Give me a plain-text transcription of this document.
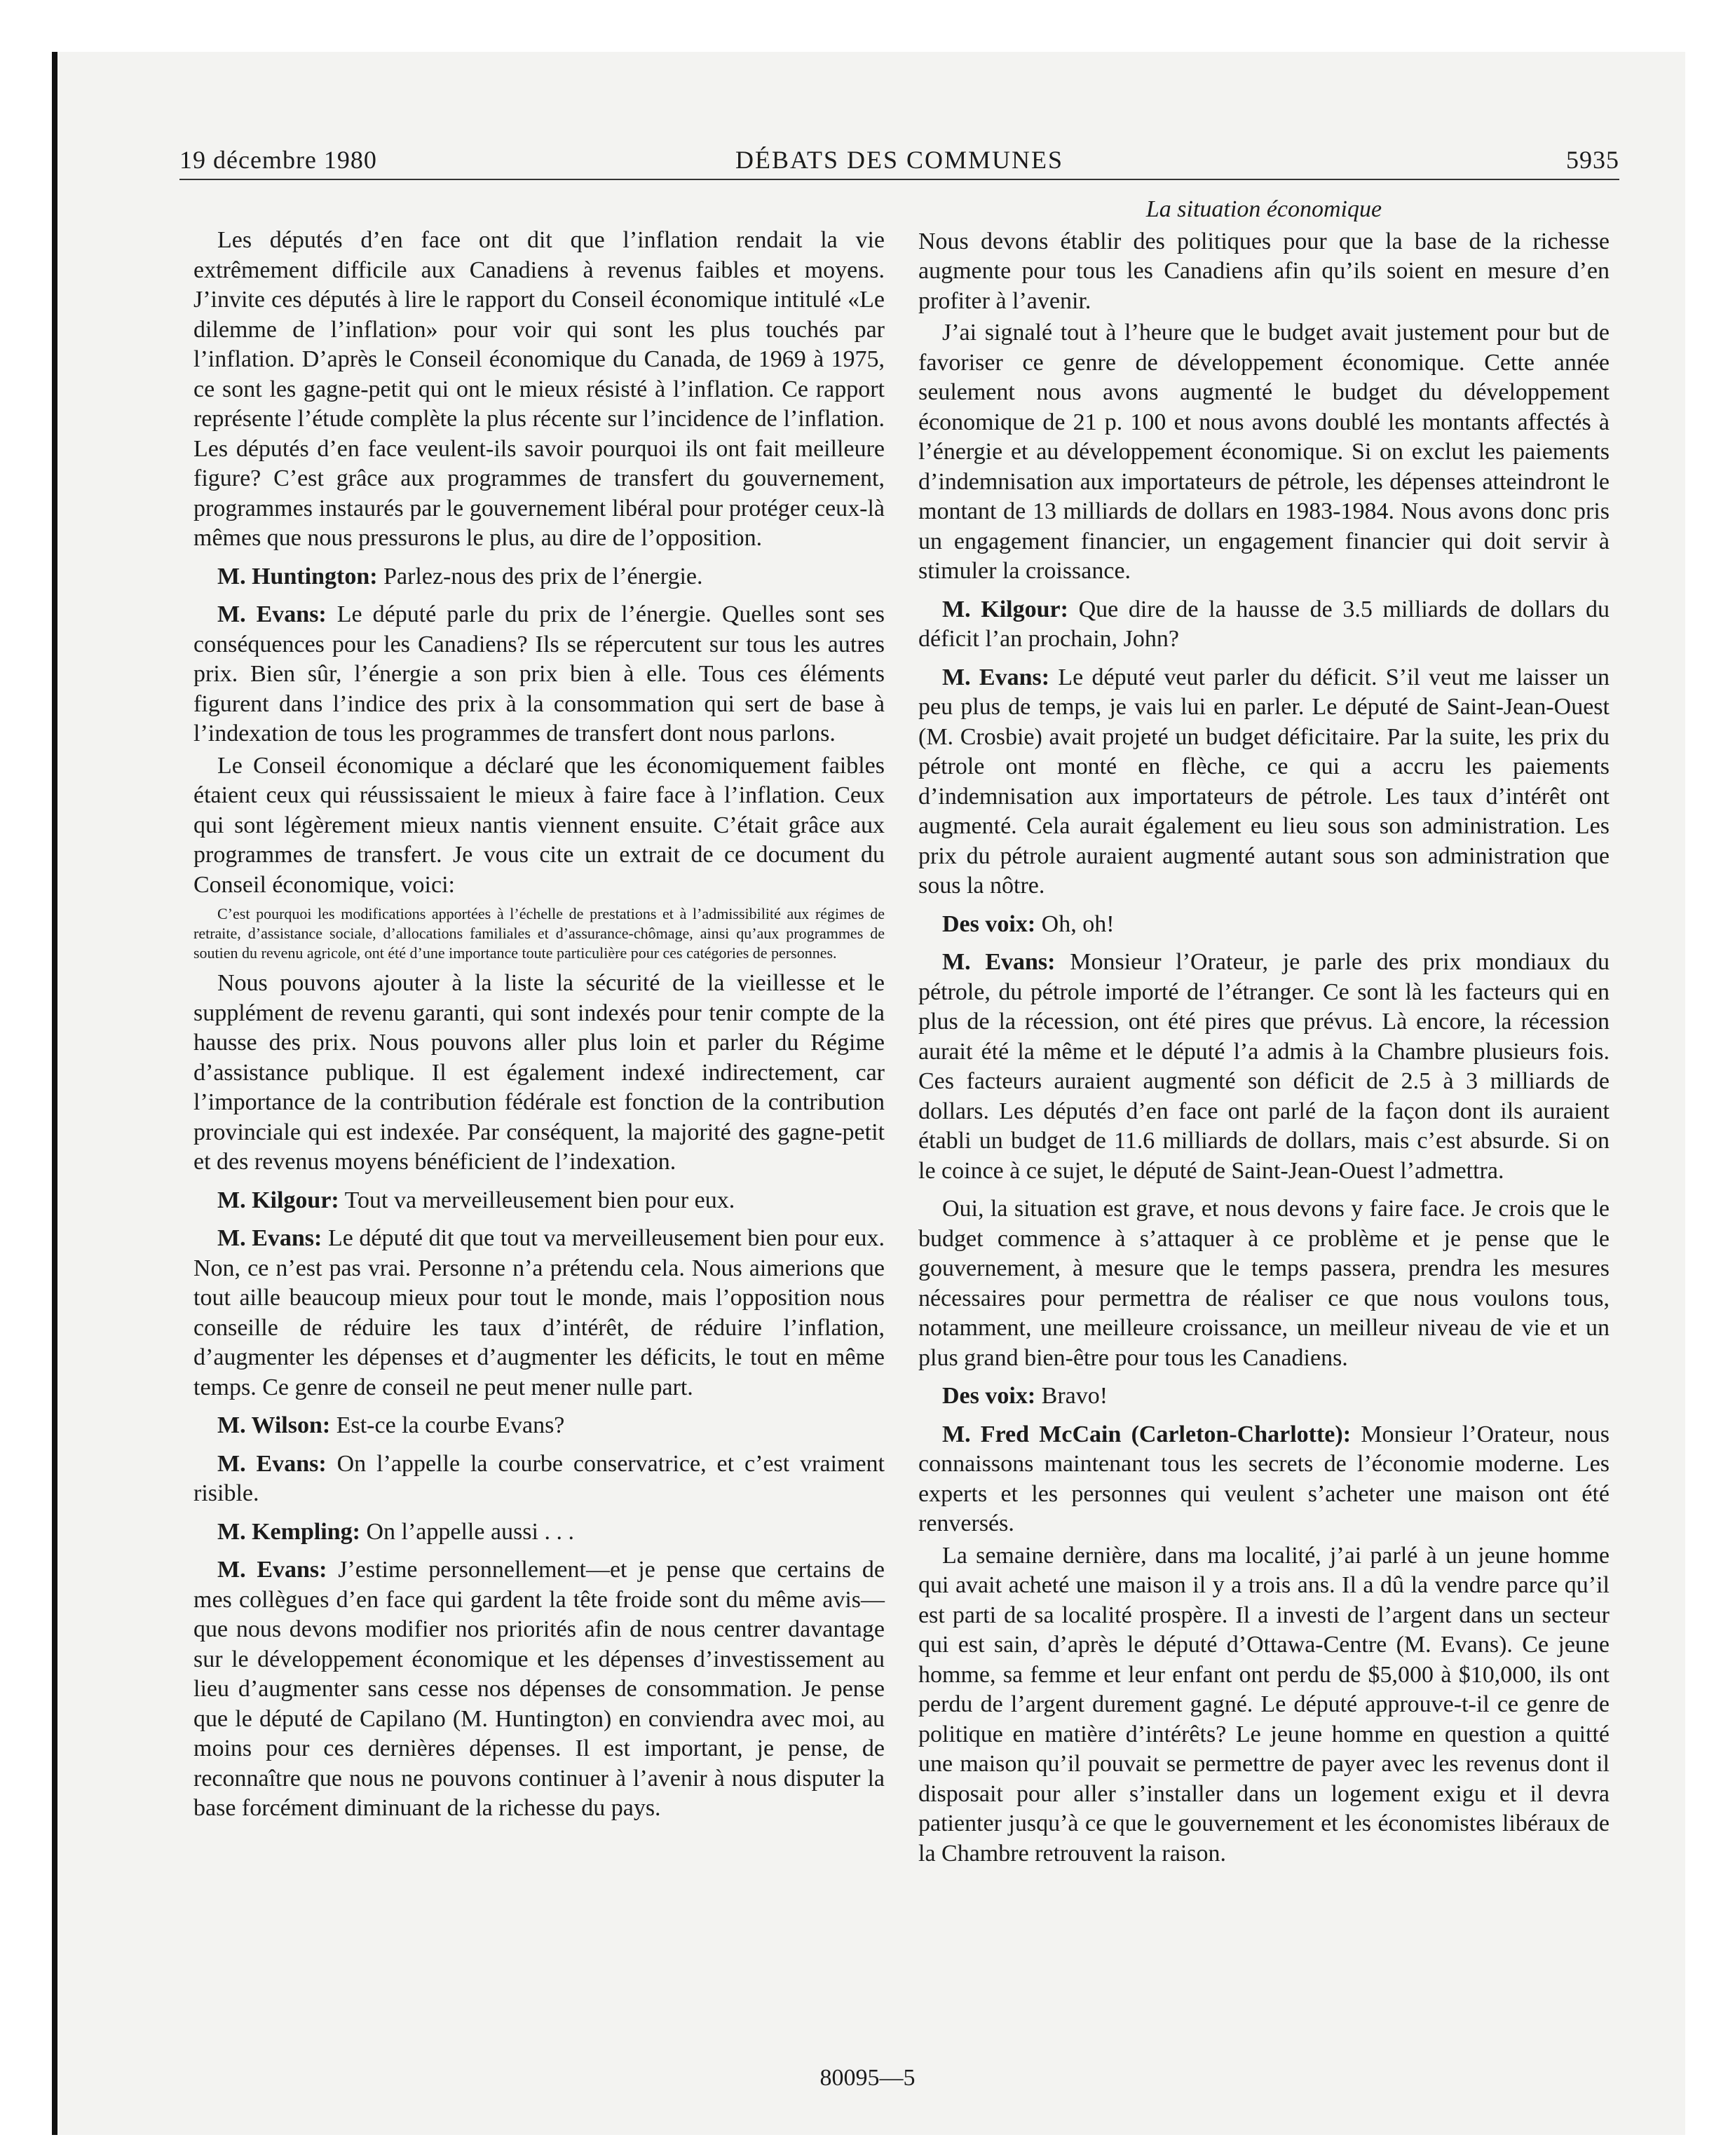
19 décembre 1980	DÉBATS DES COMMUNES	5935

Les députés d’en face ont dit que l’inflation rendait la vie extrêmement difficile aux Canadiens à revenus faibles et moyens. J’invite ces députés à lire le rapport du Conseil économique intitulé «Le dilemme de l’inflation» pour voir qui sont les plus touchés par l’inflation. D’après le Conseil économique du Canada, de 1969 à 1975, ce sont les gagne-petit qui ont le mieux résisté à l’inflation. Ce rapport représente l’étude complète la plus récente sur l’incidence de l’inflation. Les députés d’en face veulent-ils savoir pourquoi ils ont fait meilleure figure? C’est grâce aux programmes de transfert du gouvernement, programmes instaurés par le gouvernement libéral pour protéger ceux-là mêmes que nous pressurons le plus, au dire de l’opposition.

M. Huntington: Parlez-nous des prix de l’énergie.

M. Evans: Le député parle du prix de l’énergie. Quelles sont ses conséquences pour les Canadiens? Ils se répercutent sur tous les autres prix. Bien sûr, l’énergie a son prix bien à elle. Tous ces éléments figurent dans l’indice des prix à la consommation qui sert de base à l’indexation de tous les programmes de transfert dont nous parlons.

Le Conseil économique a déclaré que les économiquement faibles étaient ceux qui réussissaient le mieux à faire face à l’inflation. Ceux qui sont légèrement mieux nantis viennent ensuite. C’était grâce aux programmes de transfert. Je vous cite un extrait de ce document du Conseil économique, voici:

C’est pourquoi les modifications apportées à l’échelle de prestations et à l’admissibilité aux régimes de retraite, d’assistance sociale, d’allocations familiales et d’assurance-chômage, ainsi qu’aux programmes de soutien du revenu agricole, ont été d’une importance toute particulière pour ces catégories de personnes.

Nous pouvons ajouter à la liste la sécurité de la vieillesse et le supplément de revenu garanti, qui sont indexés pour tenir compte de la hausse des prix. Nous pouvons aller plus loin et parler du Régime d’assistance publique. Il est également indexé indirectement, car l’importance de la contribution fédérale est fonction de la contribution provinciale qui est indexée. Par conséquent, la majorité des gagne-petit et des revenus moyens bénéficient de l’indexation.

M. Kilgour: Tout va merveilleusement bien pour eux.

M. Evans: Le député dit que tout va merveilleusement bien pour eux. Non, ce n’est pas vrai. Personne n’a prétendu cela. Nous aimerions que tout aille beaucoup mieux pour tout le monde, mais l’opposition nous conseille de réduire les taux d’intérêt, de réduire l’inflation, d’augmenter les dépenses et d’augmenter les déficits, le tout en même temps. Ce genre de conseil ne peut mener nulle part.

M. Wilson: Est-ce la courbe Evans?

M. Evans: On l’appelle la courbe conservatrice, et c’est vraiment risible.

M. Kempling: On l’appelle aussi . . .

M. Evans: J’estime personnellement—et je pense que certains de mes collègues d’en face qui gardent la tête froide sont du même avis—que nous devons modifier nos priorités afin de nous centrer davantage sur le développement économique et les dépenses d’investissement au lieu d’augmenter sans cesse nos dépenses de consommation. Je pense que le député de Capilano (M. Huntington) en conviendra avec moi, au moins pour ces dernières dépenses. Il est important, je pense, de reconnaître que nous ne pouvons continuer à l’avenir à nous disputer la base forcément diminuant de la richesse du pays.

La situation économique

Nous devons établir des politiques pour que la base de la richesse augmente pour tous les Canadiens afin qu’ils soient en mesure d’en profiter à l’avenir.

J’ai signalé tout à l’heure que le budget avait justement pour but de favoriser ce genre de développement économique. Cette année seulement nous avons augmenté le budget du développement économique de 21 p. 100 et nous avons doublé les montants affectés à l’énergie et au développement économique. Si on exclut les paiements d’indemnisation aux importateurs de pétrole, les dépenses atteindront le montant de 13 milliards de dollars en 1983-1984. Nous avons donc pris un engagement financier, un engagement financier qui doit servir à stimuler la croissance.

M. Kilgour: Que dire de la hausse de 3.5 milliards de dollars du déficit l’an prochain, John?

M. Evans: Le député veut parler du déficit. S’il veut me laisser un peu plus de temps, je vais lui en parler. Le député de Saint-Jean-Ouest (M. Crosbie) avait projeté un budget déficitaire. Par la suite, les prix du pétrole ont monté en flèche, ce qui a accru les paiements d’indemnisation aux importateurs de pétrole. Les taux d’intérêt ont augmenté. Cela aurait également eu lieu sous son administration. Les prix du pétrole auraient augmenté autant sous son administration que sous la nôtre.

Des voix: Oh, oh!

M. Evans: Monsieur l’Orateur, je parle des prix mondiaux du pétrole, du pétrole importé de l’étranger. Ce sont là les facteurs qui en plus de la récession, ont été pires que prévus. Là encore, la récession aurait été la même et le député l’a admis à la Chambre plusieurs fois. Ces facteurs auraient augmenté son déficit de 2.5 à 3 milliards de dollars. Les députés d’en face ont parlé de la façon dont ils auraient établi un budget de 11.6 milliards de dollars, mais c’est absurde. Si on le coince à ce sujet, le député de Saint-Jean-Ouest l’admettra.

Oui, la situation est grave, et nous devons y faire face. Je crois que le budget commence à s’attaquer à ce problème et je pense que le gouvernement, à mesure que le temps passera, prendra les mesures nécessaires pour permettra de réaliser ce que nous voulons tous, notamment, une meilleure croissance, un meilleur niveau de vie et un plus grand bien-être pour tous les Canadiens.

Des voix: Bravo!

M. Fred McCain (Carleton-Charlotte): Monsieur l’Orateur, nous connaissons maintenant tous les secrets de l’économie moderne. Les experts et les personnes qui veulent s’acheter une maison ont été renversés.

La semaine dernière, dans ma localité, j’ai parlé à un jeune homme qui avait acheté une maison il y a trois ans. Il a dû la vendre parce qu’il est parti de sa localité prospère. Il a investi de l’argent dans un secteur qui est sain, d’après le député d’Ottawa-Centre (M. Evans). Ce jeune homme, sa femme et leur enfant ont perdu de $5,000 à $10,000, ils ont perdu de l’argent durement gagné. Le député approuve-t-il ce genre de politique en matière d’intérêts? Le jeune homme en question a quitté une maison qu’il pouvait se permettre de payer avec les revenus dont il disposait pour aller s’installer dans un logement exigu et il devra patienter jusqu’à ce que le gouvernement et les économistes libéraux de la Chambre retrouvent la raison.

80095—5
